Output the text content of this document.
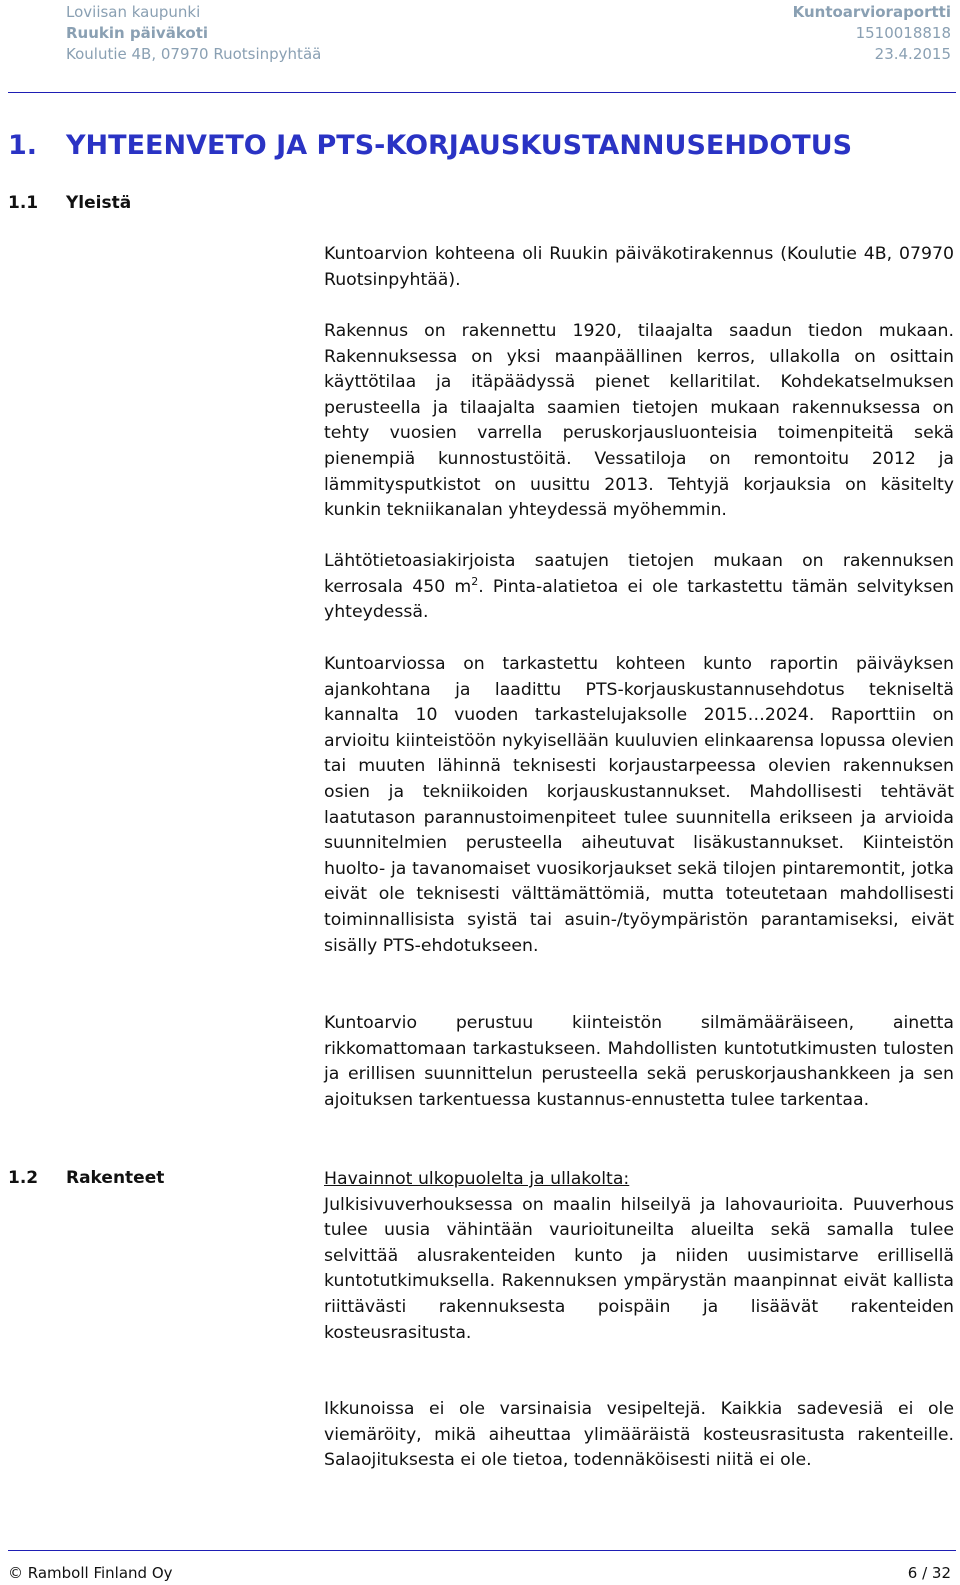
Loviisan kaupunki
Ruukin päiväkoti
Koulutie 4B, 07970 Ruotsinpyhtää
Kuntoarvioraportti
1510018818
23.4.2015
1. YHTEENVETO JA PTS-KORJAUSKUSTANNUSEHDOTUS
1.1 Yleistä

Kuntoarvion kohteena oli Ruukin päiväkotirakennus (Koulutie 4B, 07970 Ruotsinpyhtää).

Rakennus on rakennettu 1920, tilaajalta saadun tiedon mukaan. Rakennuksessa on yksi maanpäällinen kerros, ullakolla on osittain käyttötilaa ja itäpäädyssä pienet kellaritilat. Kohdekatselmuksen perusteella ja tilaajalta saamien tietojen mukaan rakennuksessa on tehty vuosien varrella peruskorjausluonteisia toimenpiteitä sekä pienempiä kunnostustöitä. Vessatiloja on remontoitu 2012 ja lämmitysputkistot on uusittu 2013. Tehtyjä korjauksia on käsitelty kunkin tekniikanalan yhteydessä myöhemmin.

Lähtötietoasiakirjoista saatujen tietojen mukaan on rakennuksen kerrosala 450 $m^2$. Pinta-alatietoa ei ole tarkastettu tämän selvityksen yhteydessä.

Kuntoarviossa on tarkastettu kohteen kunto raportin päiväyksen ajankohtana ja laadittu PTS-korjauskustannusehdotus tekniseltä kannalta 10 vuoden tarkastelujaksolle 2015…2024. Raporttiin on arvioitu kiinteistöön nykyisellään kuuluvien elinkaarensa lopussa olevien tai muuten lähinnä teknisesti korjaustarpeessa olevien rakennuksen osien ja tekniikoiden korjauskustannukset. Mahdollisesti tehtävät laatutason parannustoimenpiteet tulee suunnitella erikseen ja arvioida suunnitelmien perusteella aiheutuvat lisäkustannukset. Kiinteistön huolto- ja tavanomaiset vuosikorjaukset sekä tilojen pintaremontit, jotka eivät ole teknisesti välttämättömiä, mutta toteutetaan mahdollisesti toiminnallisista syistä tai asuin-/työympäristön parantamiseksi, eivät sisälly PTS-ehdotukseen.

Kuntoarvio perustuu kiinteistön silmämääräiseen, ainetta rikkomattomaan tarkastukseen. Mahdollisten kuntotutkimusten tulosten ja erillisen suunnittelun perusteella sekä peruskorjaushankkeen ja sen ajoituksen tarkentuessa kustannus-ennustetta tulee tarkentaa.

1.2 Rakenteet	Havainnot ulkopuolelta ja ullakolta:
Julkisivuverhouksessa on maalin hilseilyä ja lahovaurioita. Puuverhous tulee uusia vähintään vaurioituneilta alueilta sekä samalla tulee selvittää alusrakenteiden kunto ja niiden uusimistarve erillisellä kuntotutkimuksella. Rakennuksen ympärystän maanpinnat eivät kallista riittävästi rakennuksesta poispäin ja lisäävät rakenteiden kosteusrasitusta.

Ikkunoissa ei ole varsinaisia vesipeltejä. Kaikkia sadevesiä ei ole viemäröity, mikä aiheuttaa ylimääräistä kosteusrasitusta rakenteille. Salaojituksesta ei ole tietoa, todennäköisesti niitä ei ole.

© Ramboll Finland Oy	6 / 32
